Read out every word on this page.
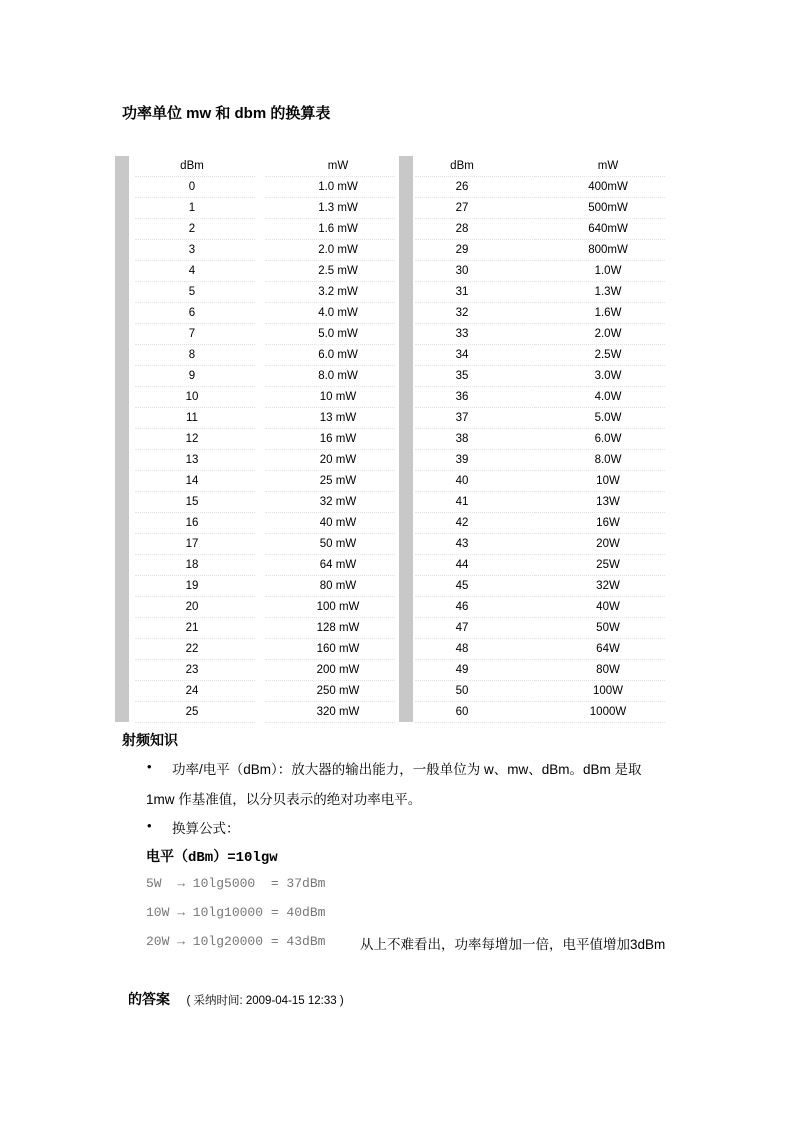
功率单位 mw 和 dbm 的换算表
dBm	mW	dBm	mW
0	1.0 mW	26	400mW
1	1.3 mW	27	500mW
2	1.6 mW	28	640mW
3	2.0 mW	29	800mW
4	2.5 mW	30	1.0W
5	3.2 mW	31	1.3W
6	4.0 mW	32	1.6W
7	5.0 mW	33	2.0W
8	6.0 mW	34	2.5W
9	8.0 mW	35	3.0W
10	10 mW	36	4.0W
11	13 mW	37	5.0W
12	16 mW	38	6.0W
13	20 mW	39	8.0W
14	25 mW	40	10W
15	32 mW	41	13W
16	40 mW	42	16W
17	50 mW	43	20W
18	64 mW	44	25W
19	80 mW	45	32W
20	100 mW	46	40W
21	128 mW	47	50W
22	160 mW	48	64W
23	200 mW	49	80W
24	250 mW	50	100W
25	320 mW	60	1000W
射频知识
• 功率/电平（dBm）：放大器的输出能力，一般单位为 w、mw、dBm。dBm 是取
1mw 作基准值，以分贝表示的绝对功率电平。
• 换算公式：
电平（dBm）=10lgw
5W  → 10lg5000  = 37dBm
10W → 10lg10000 = 40dBm
20W → 10lg20000 = 43dBm	从上不难看出，功率每增加一倍，电平值增加3dBm
的答案 ( 采纳时间: 2009-04-15 12:33 )
